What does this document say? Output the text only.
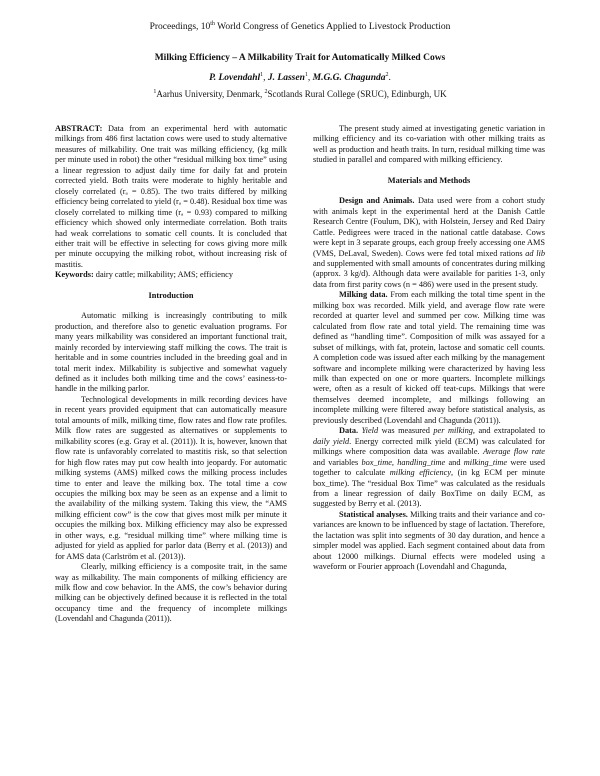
Proceedings, 10th World Congress of Genetics Applied to Livestock Production
Milking Efficiency – A Milkability Trait for Automatically Milked Cows
P. Lovendahl$^1$, J. Lassen$^1$, M.G.G. Chagunda$^2$.
$^1$Aarhus University, Denmark, $^2$Scotlands Rural College (SRUC), Edinburgh, UK

ABSTRACT: Data from an experimental herd with automatic milkings from 486 first lactation cows were used to study alternative measures of milkability. One trait was milking efficiency, (kg milk per minute used in robot) the other “residual milking box time” using a linear regression to adjust daily time for daily fat and protein corrected yield. Both traits were moderate to highly heritable and closely correlated (rₐ = 0.85). The two traits differed by milking efficiency being correlated to yield (rₐ = 0.48). Residual box time was closely correlated to milking time (rₐ = 0.93) compared to milking efficiency which showed only intermediate correlation. Both traits had weak correlations to somatic cell counts. It is concluded that either trait will be effective in selecting for cows giving more milk per minute occupying the milking robot, without increasing risk of mastitis.

Keywords: dairy cattle; milkability; AMS; efficiency

Introduction

Automatic milking is increasingly contributing to milk production, and therefore also to genetic evaluation programs. For many years milkability was considered an important functional trait, mainly recorded by interviewing staff milking the cows. The trait is heritable and in some countries included in the breeding goal and in total merit index. Milkability is subjective and somewhat vaguely defined as it includes both milking time and the cows’ easiness-to-handle in the milking parlor.

Technological developments in milk recording devices have in recent years provided equipment that can automatically measure total amounts of milk, milking time, flow rates and flow rate profiles. Milk flow rates are suggested as alternatives or supplements to milkability scores (e.g. Gray et al. (2011)). It is, however, known that flow rate is unfavorably correlated to mastitis risk, so that selection for high flow rates may put cow health into jeopardy. For automatic milking systems (AMS) milked cows the milking process includes time to enter and leave the milking box. The total time a cow occupies the milking box may be seen as an expense and a limit to the availability of the milking system. Taking this view, the “AMS milking efficient cow” is the cow that gives most milk per minute it occupies the milking box. Milking efficiency may also be expressed in other ways, e.g. “residual milking time” where milking time is adjusted for yield as applied for parlor data (Berry et al. (2013)) and for AMS data (Carlström et al. (2013)).

Clearly, milking efficiency is a composite trait, in the same way as milkability. The main components of milking efficiency are milk flow and cow behavior. In the AMS, the cow’s behavior during milking can be objectively defined because it is reflected in the total occupancy time and the frequency of incomplete milkings (Lovendahl and Chagunda (2011)).

The present study aimed at investigating genetic variation in milking efficiency and its co-variation with other milking traits as well as production and heath traits. In turn, residual milking time was studied in parallel and compared with milking efficiency.

Materials and Methods

Design and Animals. Data used were from a cohort study with animals kept in the experimental herd at the Danish Cattle Research Centre (Foulum, DK), with Holstein, Jersey and Red Dairy Cattle. Pedigrees were traced in the national cattle database. Cows were kept in 3 separate groups, each group freely accessing one AMS (VMS, DeLaval, Sweden). Cows were fed total mixed rations ad lib and supplemented with small amounts of concentrates during milking (approx. 3 kg/d). Although data were available for parities 1-3, only data from first parity cows (n = 486) were used in the present study.

Milking data. From each milking the total time spent in the milking box was recorded. Milk yield, and average flow rate were recorded at quarter level and summed per cow. Milking time was calculated from flow rate and total yield. The remaining time was defined as “handling time”. Composition of milk was assayed for a subset of milkings, with fat, protein, lactose and somatic cell counts. A completion code was issued after each milking by the management software and incomplete milking were characterized by having less milk than expected on one or more quarters. Incomplete milkings were, often as a result of kicked off teat-cups. Milkings that were themselves deemed incomplete, and milkings following an incomplete milking were filtered away before statistical analysis, as previously described (Lovendahl and Chagunda (2011)).

Data. Yield was measured per milking, and extrapolated to daily yield. Energy corrected milk yield (ECM) was calculated for milkings where composition data was available. Average flow rate and variables box_time, handling_time and milking_time were used together to calculate milking efficiency, (in kg ECM per minute box_time). The “residual Box Time” was calculated as the residuals from a linear regression of daily BoxTime on daily ECM, as suggested by Berry et al. (2013).

Statistical analyses. Milking traits and their variance and co-variances are known to be influenced by stage of lactation. Therefore, the lactation was split into segments of 30 day duration, and hence a simpler model was applied. Each segment contained about data from about 12000 milkings. Diurnal effects were modeled using a waveform or Fourier approach (Lovendahl and Chagunda,
